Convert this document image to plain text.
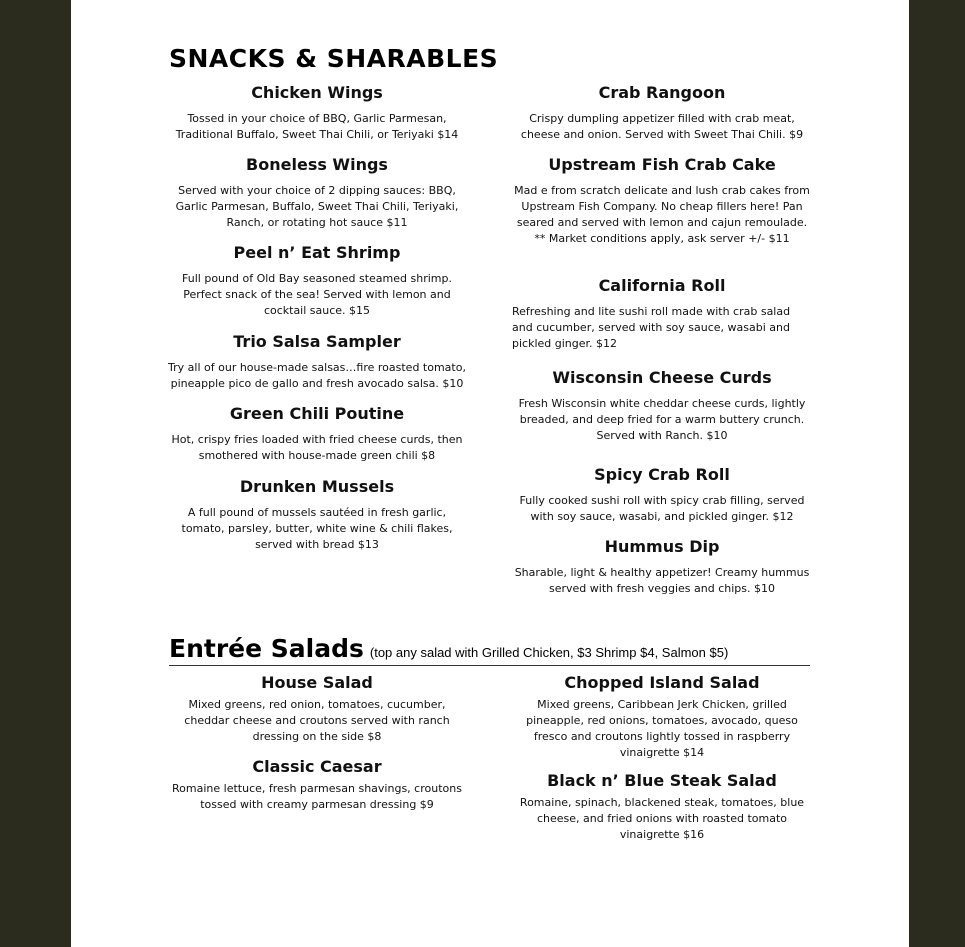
SNACKS & SHARABLES
Chicken Wings

Tossed in your choice of BBQ, Garlic Parmesan, Traditional Buffalo, Sweet Thai Chili, or Teriyaki $14

Boneless Wings

Served with your choice of 2 dipping sauces: BBQ, Garlic Parmesan, Buffalo, Sweet Thai Chili, Teriyaki, Ranch, or rotating hot sauce $11

Peel n’ Eat Shrimp

Full pound of Old Bay seasoned steamed shrimp. Perfect snack of the sea! Served with lemon and cocktail sauce. $15

Trio Salsa Sampler

Try all of our house-made salsas…fire roasted tomato, pineapple pico de gallo and fresh avocado salsa. $10

Green Chili Poutine

Hot, crispy fries loaded with fried cheese curds, then smothered with house-made green chili $8

Drunken Mussels

A full pound of mussels sautéed in fresh garlic, tomato, parsley, butter, white wine & chili flakes, served with bread $13

Crab Rangoon

Crispy dumpling appetizer filled with crab meat, cheese and onion. Served with Sweet Thai Chili. $9

Upstream Fish Crab Cake

Mad e from scratch delicate and lush crab cakes from Upstream Fish Company. No cheap fillers here! Pan seared and served with lemon and cajun remoulade. ** Market conditions apply, ask server +/- $11

California Roll

Refreshing and lite sushi roll made with crab salad and cucumber, served with soy sauce, wasabi and pickled ginger. $12

Wisconsin Cheese Curds

Fresh Wisconsin white cheddar cheese curds, lightly breaded, and deep fried for a warm buttery crunch. Served with Ranch. $10

Spicy Crab Roll

Fully cooked sushi roll with spicy crab filling, served with soy sauce, wasabi, and pickled ginger. $12

Hummus Dip

Sharable, light & healthy appetizer! Creamy hummus served with fresh veggies and chips. $10

Entrée Salads (top any salad with Grilled Chicken, $3 Shrimp $4, Salmon $5)
House Salad

Mixed greens, red onion, tomatoes, cucumber, cheddar cheese and croutons served with ranch dressing on the side $8

Classic Caesar

Romaine lettuce, fresh parmesan shavings, croutons tossed with creamy parmesan dressing $9

Chopped Island Salad

Mixed greens, Caribbean Jerk Chicken, grilled pineapple, red onions, tomatoes, avocado, queso fresco and croutons lightly tossed in raspberry vinaigrette $14

Black n’ Blue Steak Salad

Romaine, spinach, blackened steak, tomatoes, blue cheese, and fried onions with roasted tomato vinaigrette $16
